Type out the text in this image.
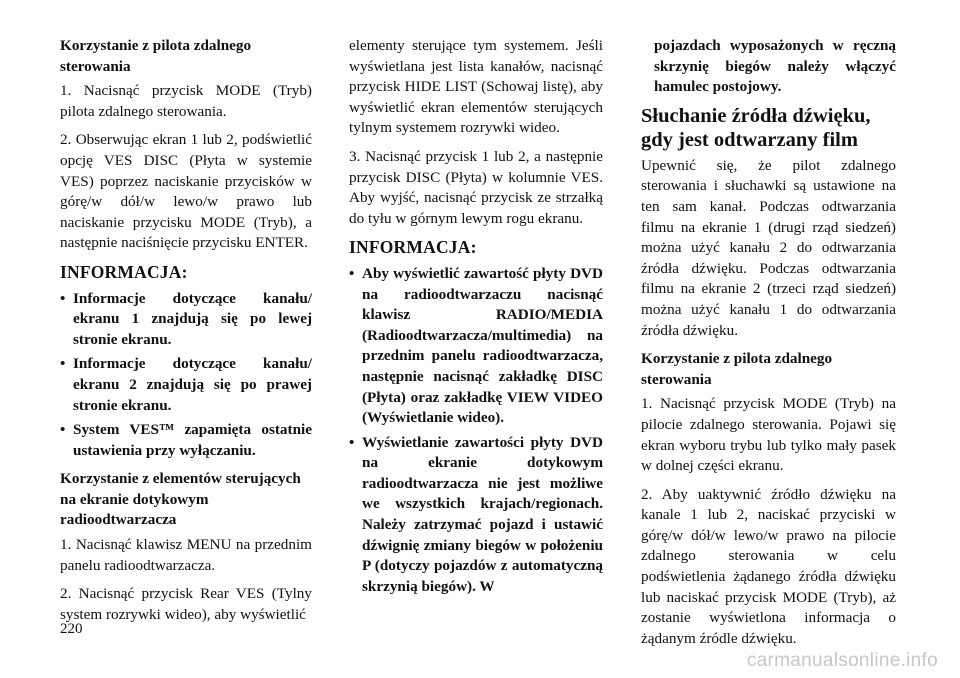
Korzystanie z pilota zdalnego sterowania

1. Nacisnąć przycisk MODE (Tryb) pilota zdalnego sterowania.

2. Obserwując ekran 1 lub 2, podświetlić opcję VES DISC (Płyta w systemie VES) poprzez naciskanie przycisków w górę/w dół/w lewo/w prawo lub naciskanie przycisku MODE (Tryb), a następnie naciśnięcie przycisku ENTER.

INFORMACJA:

• Informacje dotyczące kanału/ ekranu 1 znajdują się po lewej stronie ekranu.
• Informacje dotyczące kanału/ ekranu 2 znajdują się po prawej stronie ekranu.
• System VES™ zapamięta ostatnie ustawienia przy wyłączaniu.

Korzystanie z elementów sterujących na ekranie dotykowym radioodtwarzacza

1. Nacisnąć klawisz MENU na przednim panelu radioodtwarzacza.

2. Nacisnąć przycisk Rear VES (Tylny system rozrywki wideo), aby wyświetlić

elementy sterujące tym systemem. Jeśli wyświetlana jest lista kanałów, nacisnąć przycisk HIDE LIST (Schowaj listę), aby wyświetlić ekran elementów sterujących tylnym systemem rozrywki wideo.

3. Nacisnąć przycisk 1 lub 2, a następnie przycisk DISC (Płyta) w kolumnie VES. Aby wyjść, nacisnąć przycisk ze strzałką do tyłu w górnym lewym rogu ekranu.

INFORMACJA:

• Aby wyświetlić zawartość płyty DVD na radioodtwarzaczu nacisnąć klawisz RADIO/MEDIA (Radioodtwarzacza/multimedia) na przednim panelu radioodtwarzacza, następnie nacisnąć zakładkę DISC (Płyta) oraz zakładkę VIEW VIDEO (Wyświetlanie wideo).
• Wyświetlanie zawartości płyty DVD na ekranie dotykowym radioodtwarzacza nie jest możliwe we wszystkich krajach/regionach. Należy zatrzymać pojazd i ustawić dźwignię zmiany biegów w położeniu P (dotyczy pojazdów z automatyczną skrzynią biegów). W

pojazdach wyposażonych w ręczną skrzynię biegów należy włączyć hamulec postojowy.

Słuchanie źródła dźwięku, gdy jest odtwarzany film

Upewnić się, że pilot zdalnego sterowania i słuchawki są ustawione na ten sam kanał. Podczas odtwarzania filmu na ekranie 1 (drugi rząd siedzeń) można użyć kanału 2 do odtwarzania źródła dźwięku. Podczas odtwarzania filmu na ekranie 2 (trzeci rząd siedzeń) można użyć kanału 1 do odtwarzania źródła dźwięku.

Korzystanie z pilota zdalnego sterowania

1. Nacisnąć przycisk MODE (Tryb) na pilocie zdalnego sterowania. Pojawi się ekran wyboru trybu lub tylko mały pasek w dolnej części ekranu.

2. Aby uaktywnić źródło dźwięku na kanale 1 lub 2, naciskać przyciski w górę/w dół/w lewo/w prawo na pilocie zdalnego sterowania w celu podświetlenia żądanego źródła dźwięku lub naciskać przycisk MODE (Tryb), aż zostanie wyświetlona informacja o żądanym źródle dźwięku.

220
carmanualsonline.info
